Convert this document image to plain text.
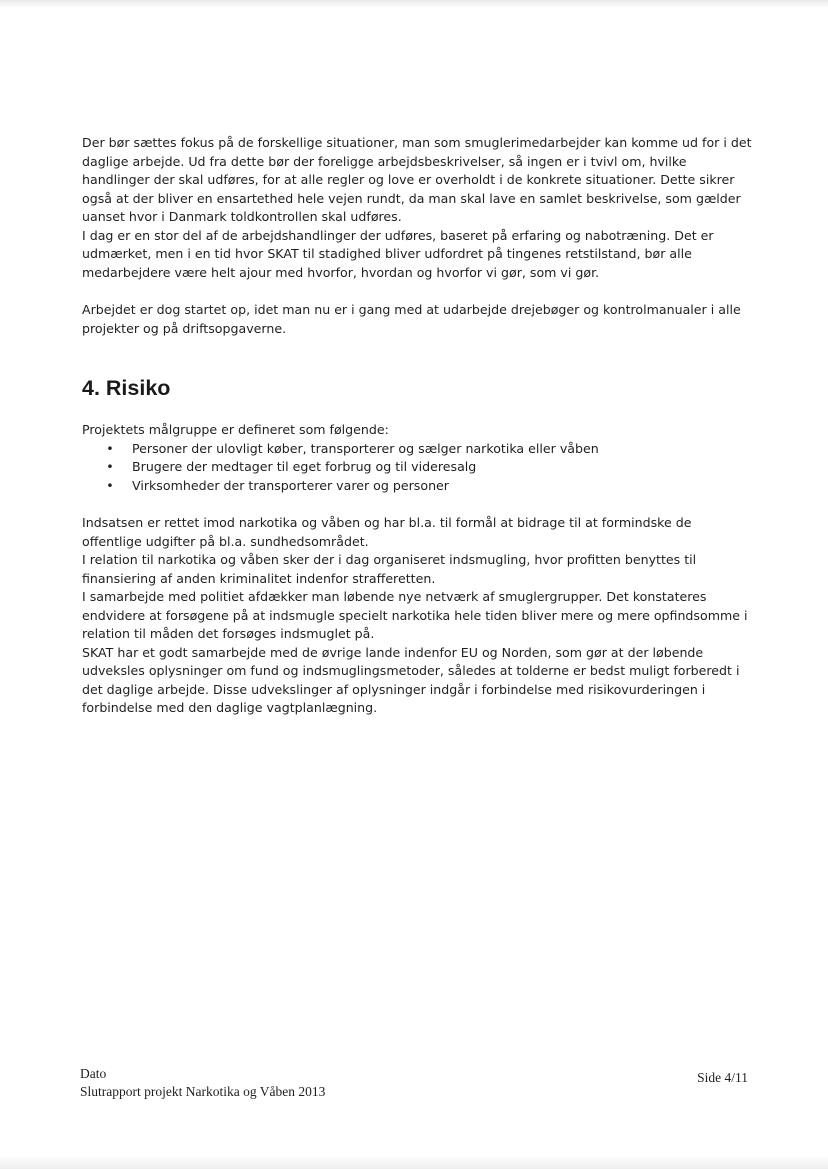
Der bør sættes fokus på de forskellige situationer, man som smuglerimedarbejder kan komme ud for i det daglige arbejde. Ud fra dette bør der foreligge arbejdsbeskrivelser, så ingen er i tvivl om, hvilke handlinger der skal udføres, for at alle regler og love er overholdt i de konkrete situationer. Dette sikrer også at der bliver en ensartethed hele vejen rundt, da man skal lave en samlet beskrivelse, som gælder uanset hvor i Danmark toldkontrollen skal udføres.

I dag er en stor del af de arbejdshandlinger der udføres, baseret på erfaring og nabotræning. Det er udmærket, men i en tid hvor SKAT til stadighed bliver udfordret på tingenes retstilstand, bør alle medarbejdere være helt ajour med hvorfor, hvordan og hvorfor vi gør, som vi gør.

Arbejdet er dog startet op, idet man nu er i gang med at udarbejde drejebøger og kontrolmanualer i alle projekter og på driftsopgaverne.

4. Risiko

Projektets målgruppe er defineret som følgende:

• Personer der ulovligt køber, transporterer og sælger narkotika eller våben
• Brugere der medtager til eget forbrug og til videresalg
• Virksomheder der transporterer varer og personer

Indsatsen er rettet imod narkotika og våben og har bl.a. til formål at bidrage til at formindske de offentlige udgifter på bl.a. sundhedsområdet.

I relation til narkotika og våben sker der i dag organiseret indsmugling, hvor profitten benyttes til finansiering af anden kriminalitet indenfor strafferetten.

I samarbejde med politiet afdækker man løbende nye netværk af smuglergrupper. Det konstateres endvidere at forsøgene på at indsmugle specielt narkotika hele tiden bliver mere og mere opfindsomme i relation til måden det forsøges indsmuglet på.

SKAT har et godt samarbejde med de øvrige lande indenfor EU og Norden, som gør at der løbende udveksles oplysninger om fund og indsmuglingsmetoder, således at tolderne er bedst muligt forberedt i det daglige arbejde. Disse udvekslinger af oplysninger indgår i forbindelse med risikovurderingen i forbindelse med den daglige vagtplanlægning.

Dato
Slutrapport projekt Narkotika og Våben 2013
Side 4/11
